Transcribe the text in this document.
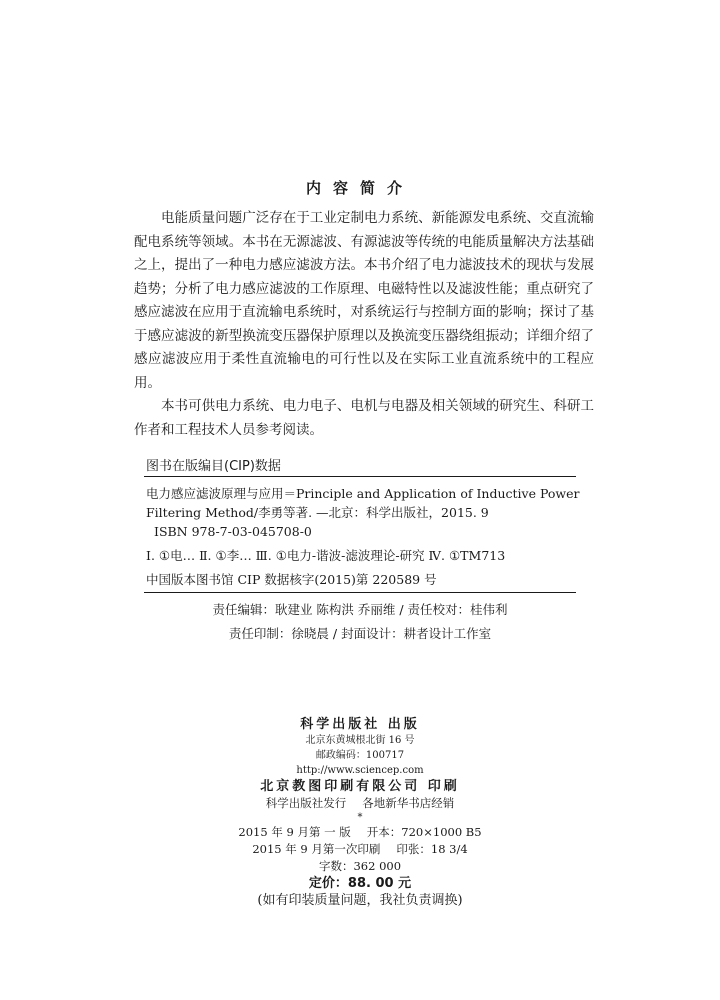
内容简介

电能质量问题广泛存在于工业定制电力系统、新能源发电系统、交直流输配电系统等领域。本书在无源滤波、有源滤波等传统的电能质量解决方法基础之上，提出了一种电力感应滤波方法。本书介绍了电力滤波技术的现状与发展趋势；分析了电力感应滤波的工作原理、电磁特性以及滤波性能；重点研究了感应滤波在应用于直流输电系统时，对系统运行与控制方面的影响；探讨了基于感应滤波的新型换流变压器保护原理以及换流变压器绕组振动；详细介绍了感应滤波应用于柔性直流输电的可行性以及在实际工业直流系统中的工程应用。

本书可供电力系统、电力电子、电机与电器及相关领域的研究生、科研工作者和工程技术人员参考阅读。

图书在版编目(CIP)数据
电力感应滤波原理与应用＝Principle and Application of Inductive Power
Filtering Method/李勇等著. —北京：科学出版社，2015. 9
ISBN 978-7-03-045708-0
Ⅰ. ①电… Ⅱ. ①李… Ⅲ. ①电力-谐波-滤波理论-研究 Ⅳ. ①TM713
中国版本图书馆 CIP 数据核字(2015)第 220589 号
责任编辑：耿建业 陈构洪 乔丽维 / 责任校对：桂伟利
责任印制：徐晓晨 / 封面设计：耕者设计工作室
科学出版社 出版
北京东黄城根北街 16 号
邮政编码：100717
http://www.sciencep.com
北京教图印刷有限公司 印刷
科学出版社发行 各地新华书店经销
*
2015 年 9 月第 一 版 开本：720×1000 B5
2015 年 9 月第一次印刷 印张：18 3/4
字数：362 000
定价：88. 00 元
(如有印装质量问题，我社负责调换)
